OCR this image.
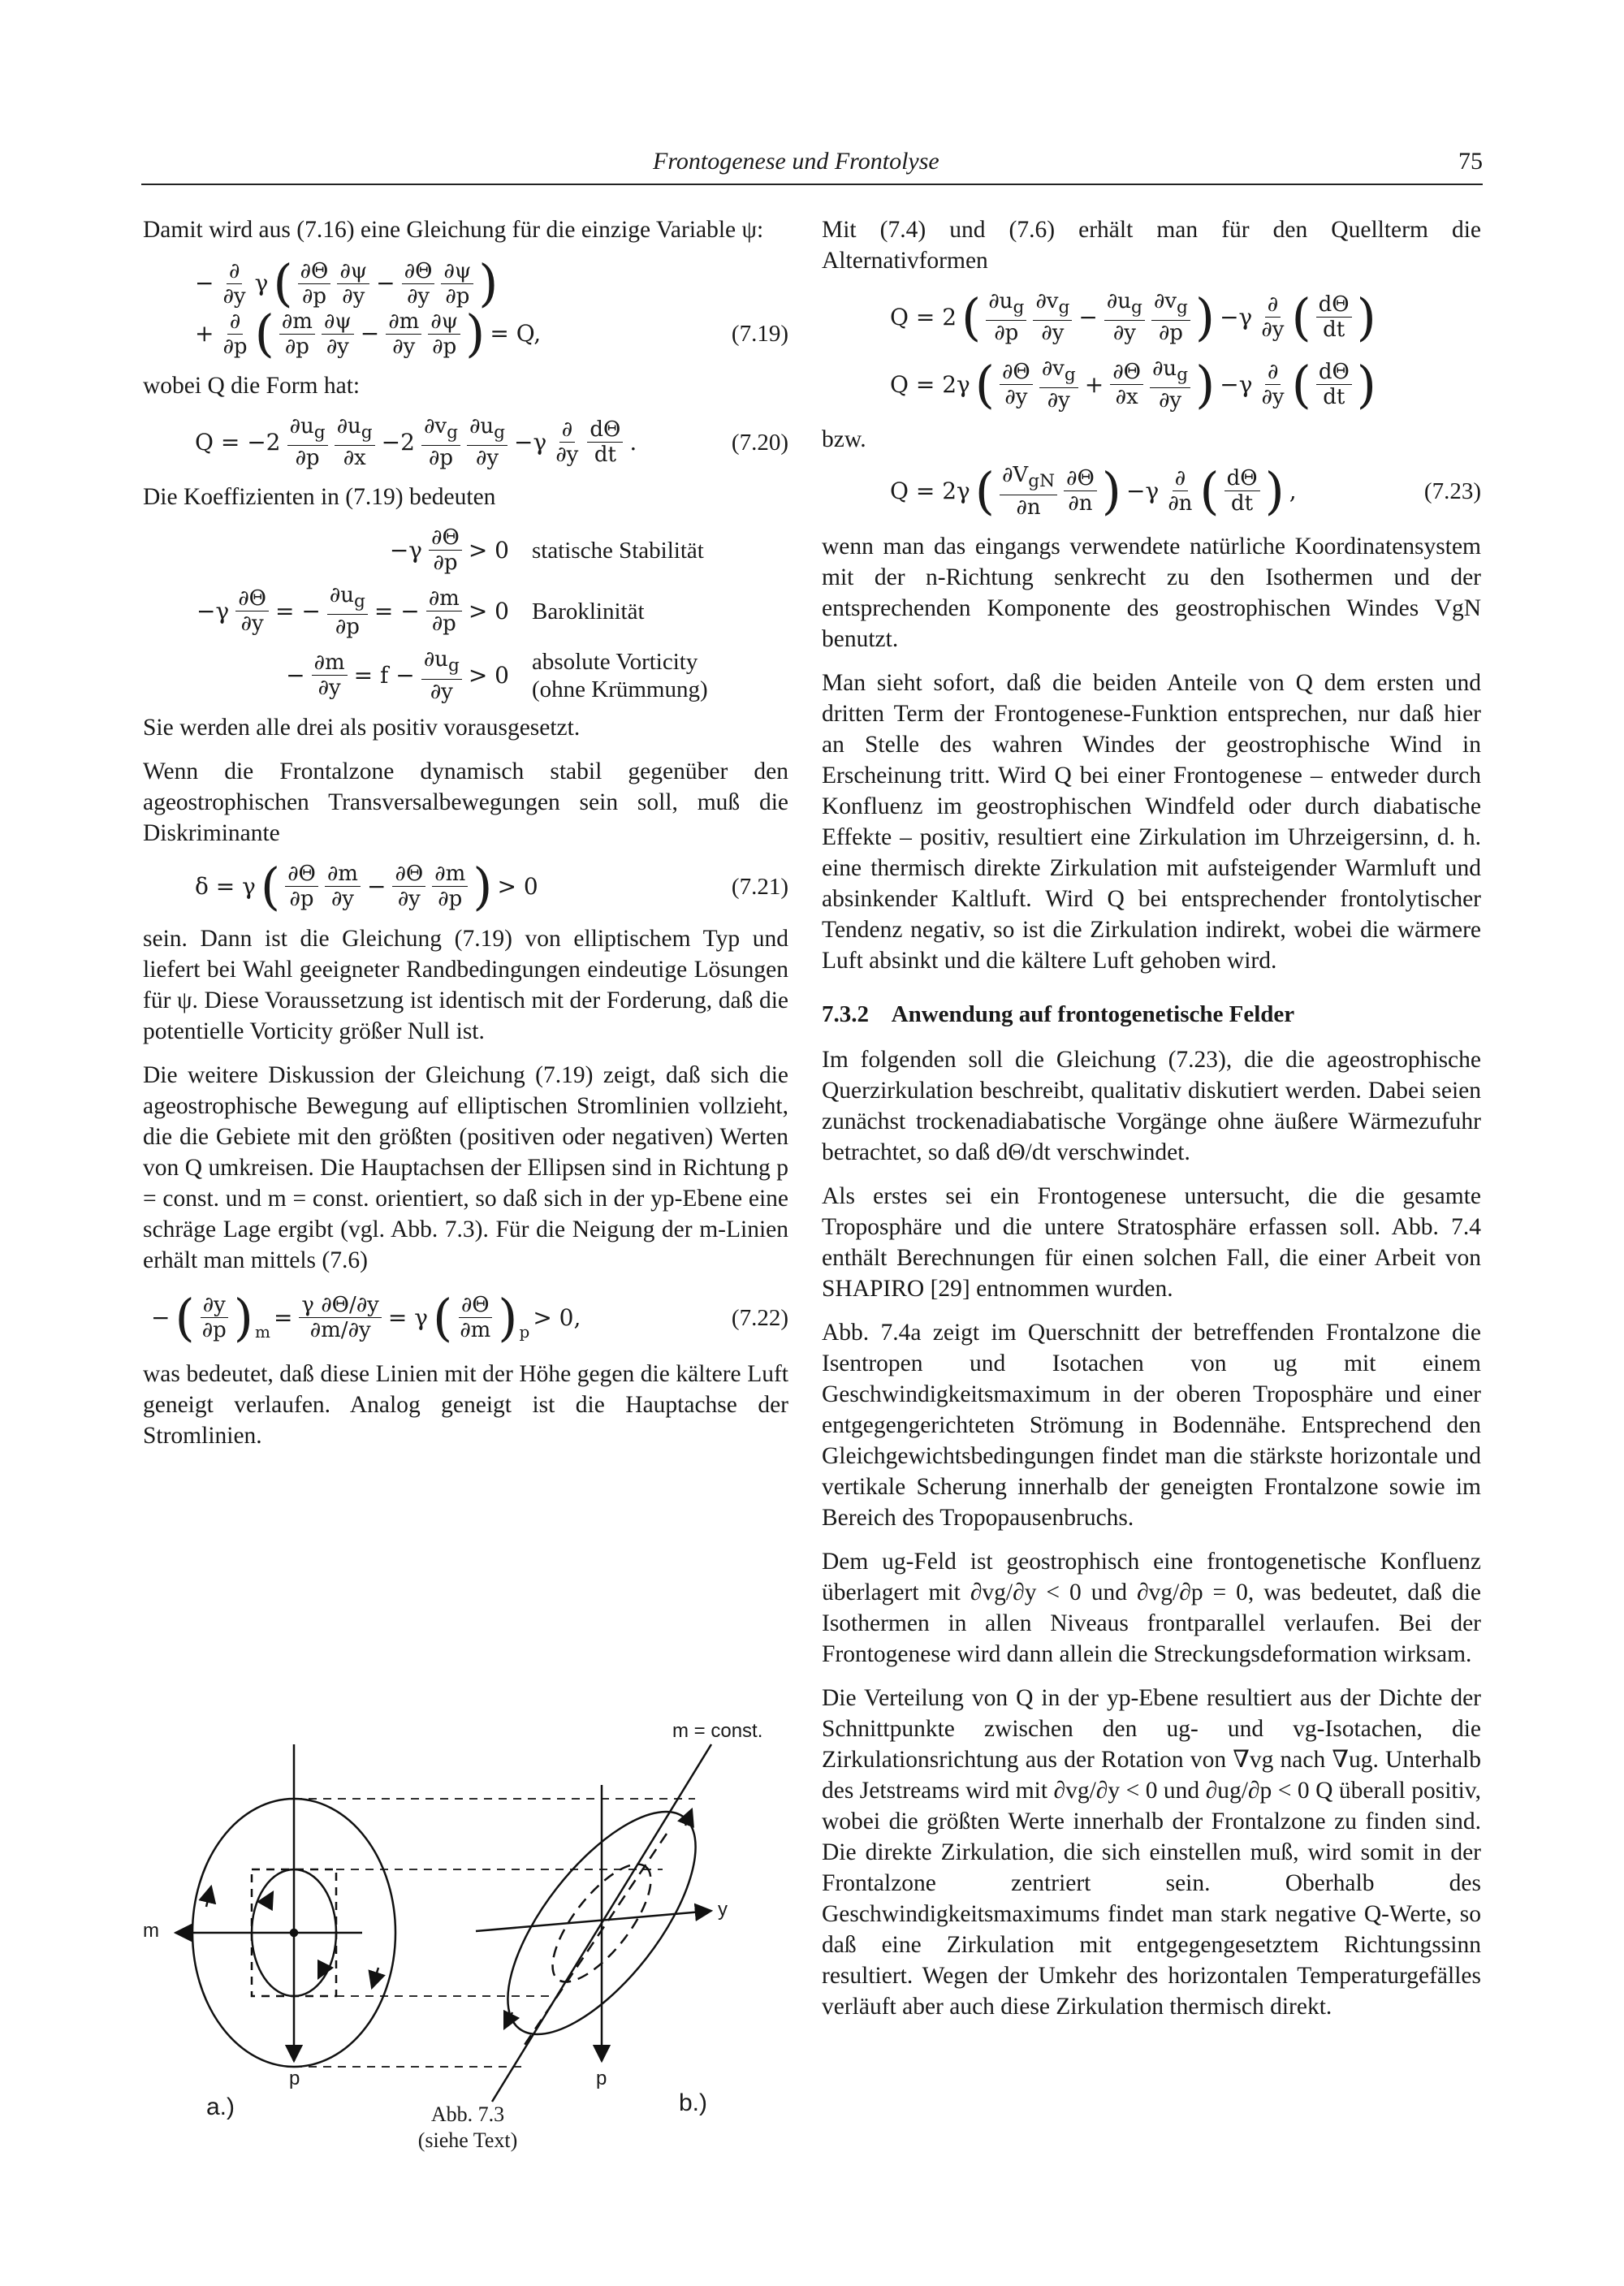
Frontogenese und Frontolyse	75

Damit wird aus (7.16) eine Gleichung für die einzige Variable ψ:

− $\frac{\partial}{\partial y}$ γ ( $\frac{\partial\Theta}{\partial p} \frac{\partial\psi}{\partial y} - \frac{\partial\Theta}{\partial y} \frac{\partial\psi}{\partial p}$ )
+ $\frac{\partial}{\partial p}$ ( $\frac{\partial m}{\partial p} \frac{\partial\psi}{\partial y} - \frac{\partial m}{\partial y} \frac{\partial\psi}{\partial p}$ ) = Q,	(7.19)

wobei Q die Form hat:

$Q = -2 \frac{\partial u_g}{\partial p} \frac{\partial u_g}{\partial x} -2 \frac{\partial v_g}{\partial p} \frac{\partial u_g}{\partial y} -\gamma \frac{\partial}{\partial y} \frac{d\Theta}{dt}$ .	(7.20)

Die Koeffizienten in (7.19) bedeuten

$-\gamma \frac{\partial\Theta}{\partial p} > 0$ statische Stabilität
$-\gamma \frac{\partial\Theta}{\partial y}$ = − $\frac{\partial u_g}{\partial p}$ = − $\frac{\partial m}{\partial p} > 0$ Baroklinität
− $\frac{\partial m}{\partial y} = f - \frac{\partial u_g}{\partial y} > 0$ absolute Vorticity
(ohne Krümmung)

Sie werden alle drei als positiv vorausgesetzt.

Wenn die Frontalzone dynamisch stabil gegenüber den ageostrophischen Transversalbewegungen sein soll, muß die Diskriminante

δ = γ ( $\frac{\partial\Theta}{\partial p} \frac{\partial m}{\partial y} - \frac{\partial\Theta}{\partial y} \frac{\partial m}{\partial p}$ ) > 0	(7.21)

sein. Dann ist die Gleichung (7.19) von elliptischem Typ und liefert bei Wahl geeigneter Randbedingungen eindeutige Lösungen für ψ. Diese Voraussetzung ist identisch mit der Forderung, daß die potentielle Vorticity größer Null ist.

Die weitere Diskussion der Gleichung (7.19) zeigt, daß sich die ageostrophische Bewegung auf elliptischen Stromlinien vollzieht, die die Gebiete mit den größten (positiven oder negativen) Werten von Q umkreisen. Die Hauptachsen der Ellipsen sind in Richtung p = const. und m = const. orientiert, so daß sich in der yp-Ebene eine schräge Lage ergibt (vgl. Abb. 7.3). Für die Neigung der m-Linien erhält man mittels (7.6)

− ( $\frac{\partial y}{\partial p}$ ) m
= $\frac{\gamma \partial\Theta/\partial y}{\partial m/\partial y} = \gamma$ ( $\frac{\partial\Theta}{\partial m}$ ) p
> 0,	(7.22)

was bedeutet, daß diese Linien mit der Höhe gegen die kältere Luft geneigt verlaufen. Analog geneigt ist die Hauptachse der Stromlinien.

m = const.
m
y
p	p
a.)	b.)
Abb. 7.3
(siehe Text)

Mit (7.4) und (7.6) erhält man für den Quellterm die Alternativformen

Q = 2 ( $\frac{\partial u_g}{\partial p} \frac{\partial v_g}{\partial y} - \frac{\partial u_g}{\partial y} \frac{\partial v_g}{\partial p}$ ) $-\gamma \frac{\partial}{\partial y}$ ( $\frac{d\Theta}{dt}$ )
Q = 2γ ( $\frac{\partial\Theta}{\partial y} \frac{\partial v_g}{\partial y} + \frac{\partial\Theta}{\partial x} \frac{\partial u_g}{\partial y}$ ) $-\gamma \frac{\partial}{\partial y}$ ( $\frac{d\Theta}{dt}$ )

bzw.

Q = 2γ ( $\frac{\partial V_{gN}}{\partial n} \frac{\partial\Theta}{\partial n}$ ) $-\gamma \frac{\partial}{\partial n}$ ( $\frac{d\Theta}{dt}$ ) ,	(7.23)

wenn man das eingangs verwendete natürliche Koordinatensystem mit der n-Richtung senkrecht zu den Isothermen und der entsprechenden Komponente des geostrophischen Windes VgN benutzt.

Man sieht sofort, daß die beiden Anteile von Q dem ersten und dritten Term der Frontogenese-Funktion entsprechen, nur daß hier an Stelle des wahren Windes der geostrophische Wind in Erscheinung tritt. Wird Q bei einer Frontogenese – entweder durch Konfluenz im geostrophischen Windfeld oder durch diabatische Effekte – positiv, resultiert eine Zirkulation im Uhrzeigersinn, d. h. eine thermisch direkte Zirkulation mit aufsteigender Warmluft und absinkender Kaltluft. Wird Q bei entsprechender frontolytischer Tendenz negativ, so ist die Zirkulation indirekt, wobei die wärmere Luft absinkt und die kältere Luft gehoben wird.

7.3.2 Anwendung auf frontogenetische Felder

Im folgenden soll die Gleichung (7.23), die die ageostrophische Querzirkulation beschreibt, qualitativ diskutiert werden. Dabei seien zunächst trockenadiabatische Vorgänge ohne äußere Wärmezufuhr betrachtet, so daß dΘ/dt verschwindet.

Als erstes sei ein Frontogenese untersucht, die die gesamte Troposphäre und die untere Stratosphäre erfassen soll. Abb. 7.4 enthält Berechnungen für einen solchen Fall, die einer Arbeit von SHAPIRO [29] entnommen wurden.

Abb. 7.4a zeigt im Querschnitt der betreffenden Frontalzone die Isentropen und Isotachen von ug mit einem Geschwindigkeitsmaximum in der oberen Troposphäre und einer entgegengerichteten Strömung in Bodennähe. Entsprechend den Gleichgewichtsbedingungen findet man die stärkste horizontale und vertikale Scherung innerhalb der geneigten Frontalzone sowie im Bereich des Tropopausenbruchs.

Dem ug-Feld ist geostrophisch eine frontogenetische Konfluenz überlagert mit ∂vg/∂y < 0 und ∂vg/∂p = 0, was bedeutet, daß die Isothermen in allen Niveaus frontparallel verlaufen. Bei der Frontogenese wird dann allein die Streckungsdeformation wirksam.

Die Verteilung von Q in der yp-Ebene resultiert aus der Dichte der Schnittpunkte zwischen den ug- und vg-Isotachen, die Zirkulationsrichtung aus der Rotation von ∇vg nach ∇ug. Unterhalb des Jetstreams wird mit ∂vg/∂y < 0 und ∂ug/∂p < 0 Q überall positiv, wobei die größten Werte innerhalb der Frontalzone zu finden sind. Die direkte Zirkulation, die sich einstellen muß, wird somit in der Frontalzone zentriert sein. Oberhalb des Geschwindigkeitsmaximums findet man stark negative Q-Werte, so daß eine Zirkulation mit entgegengesetztem Richtungssinn resultiert. Wegen der Umkehr des horizontalen Temperaturgefälles verläuft aber auch diese Zirkulation thermisch direkt.
